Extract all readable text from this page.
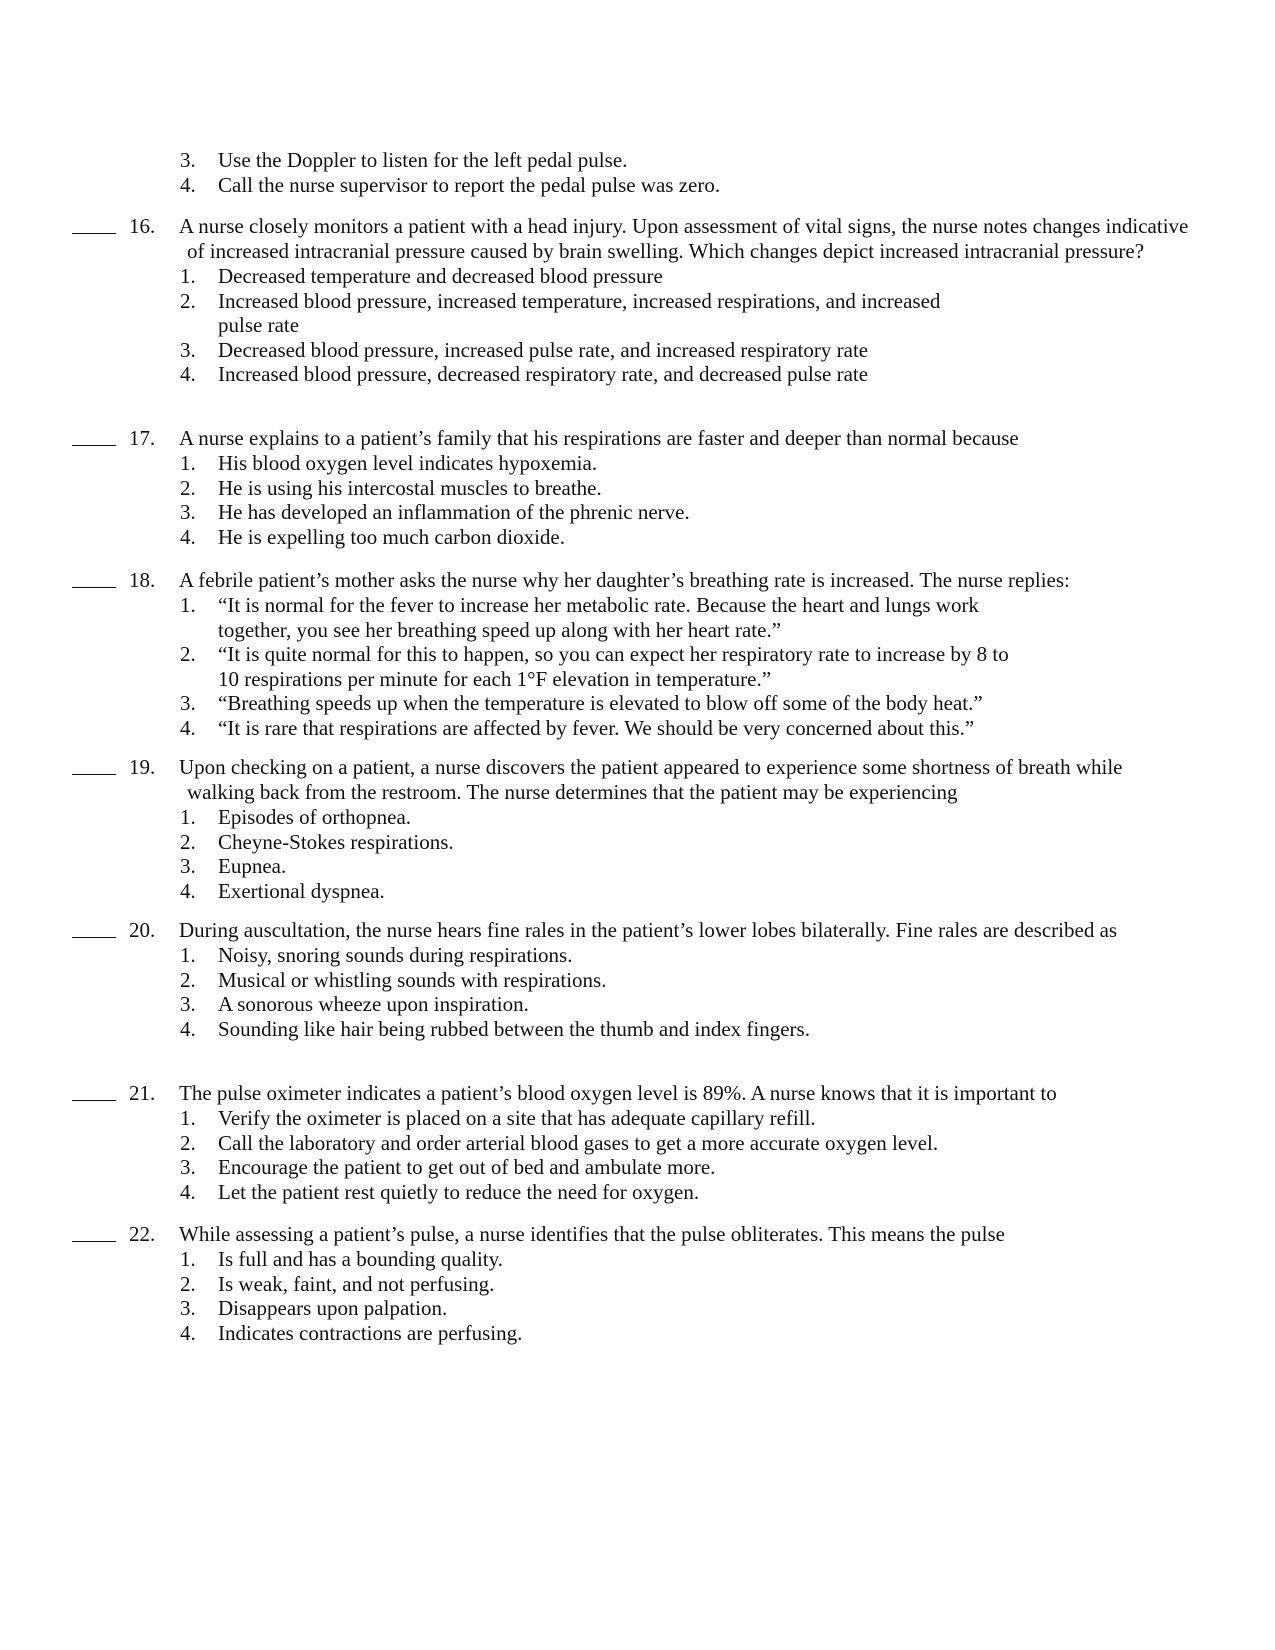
3. Use the Doppler to listen for the left pedal pulse.
4. Call the nurse supervisor to report the pedal pulse was zero.
16. A nurse closely monitors a patient with a head injury. Upon assessment of vital signs, the nurse notes changes indicative of increased intracranial pressure caused by brain swelling. Which changes depict increased intracranial pressure?
1. Decreased temperature and decreased blood pressure
2. Increased blood pressure, increased temperature, increased respirations, and increased pulse rate
3. Decreased blood pressure, increased pulse rate, and increased respiratory rate
4. Increased blood pressure, decreased respiratory rate, and decreased pulse rate
17. A nurse explains to a patient’s family that his respirations are faster and deeper than normal because
1. His blood oxygen level indicates hypoxemia.
2. He is using his intercostal muscles to breathe.
3. He has developed an inflammation of the phrenic nerve.
4. He is expelling too much carbon dioxide.
18. A febrile patient’s mother asks the nurse why her daughter’s breathing rate is increased. The nurse replies:
1. “It is normal for the fever to increase her metabolic rate. Because the heart and lungs work together, you see her breathing speed up along with her heart rate.”
2. “It is quite normal for this to happen, so you can expect her respiratory rate to increase by 8 to 10 respirations per minute for each 1°F elevation in temperature.”
3. “Breathing speeds up when the temperature is elevated to blow off some of the body heat.”
4. “It is rare that respirations are affected by fever. We should be very concerned about this.”
19. Upon checking on a patient, a nurse discovers the patient appeared to experience some shortness of breath while walking back from the restroom. The nurse determines that the patient may be experiencing
1. Episodes of orthopnea.
2. Cheyne-Stokes respirations.
3. Eupnea.
4. Exertional dyspnea.
20. During auscultation, the nurse hears fine rales in the patient’s lower lobes bilaterally. Fine rales are described as
1. Noisy, snoring sounds during respirations.
2. Musical or whistling sounds with respirations.
3. A sonorous wheeze upon inspiration.
4. Sounding like hair being rubbed between the thumb and index fingers.
21. The pulse oximeter indicates a patient’s blood oxygen level is 89%. A nurse knows that it is important to
1. Verify the oximeter is placed on a site that has adequate capillary refill.
2. Call the laboratory and order arterial blood gases to get a more accurate oxygen level.
3. Encourage the patient to get out of bed and ambulate more.
4. Let the patient rest quietly to reduce the need for oxygen.
22. While assessing a patient’s pulse, a nurse identifies that the pulse obliterates. This means the pulse
1. Is full and has a bounding quality.
2. Is weak, faint, and not perfusing.
3. Disappears upon palpation.
4. Indicates contractions are perfusing.
